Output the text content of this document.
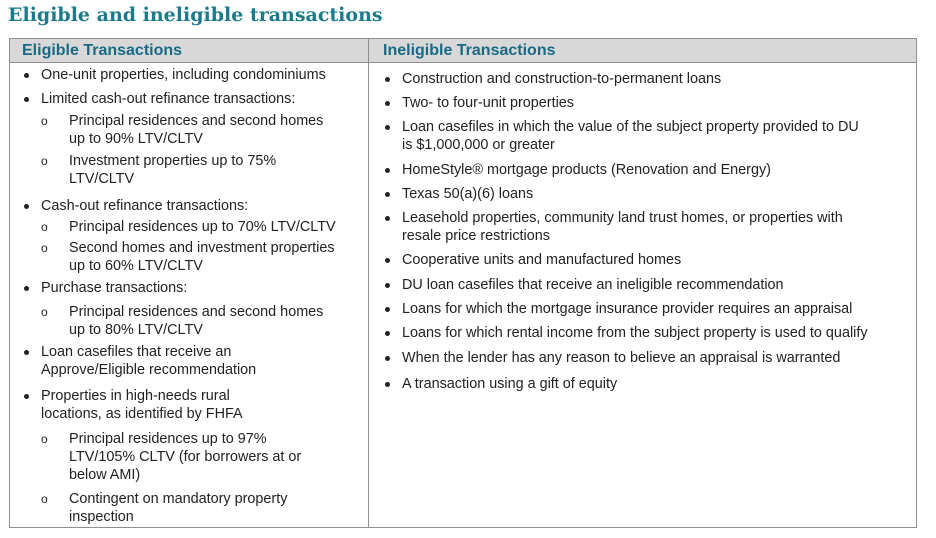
Eligible and ineligible transactions
Eligible Transactions	Ineligible Transactions
One-unit properties, including condominiums
Limited cash-out refinance transactions:
o Principal residences and second homes
up to 90% LTV/CLTV
o Investment properties up to 75%
LTV/CLTV
Cash-out refinance transactions:
o Principal residences up to 70% LTV/CLTV
o Second homes and investment properties
up to 60% LTV/CLTV
Purchase transactions:
o Principal residences and second homes
up to 80% LTV/CLTV
Loan casefiles that receive an
Approve/Eligible recommendation
Properties in high-needs rural
locations, as identified by FHFA
o Principal residences up to 97%
LTV/105% CLTV (for borrowers at or
below AMI)
o Contingent on mandatory property
inspection
Construction and construction-to-permanent loans
Two- to four-unit properties
Loan casefiles in which the value of the subject property provided to DU
is $1,000,000 or greater
HomeStyle® mortgage products (Renovation and Energy)
Texas 50(a)(6) loans
Leasehold properties, community land trust homes, or properties with
resale price restrictions
Cooperative units and manufactured homes
DU loan casefiles that receive an ineligible recommendation
Loans for which the mortgage insurance provider requires an appraisal
Loans for which rental income from the subject property is used to qualify
When the lender has any reason to believe an appraisal is warranted
A transaction using a gift of equity
